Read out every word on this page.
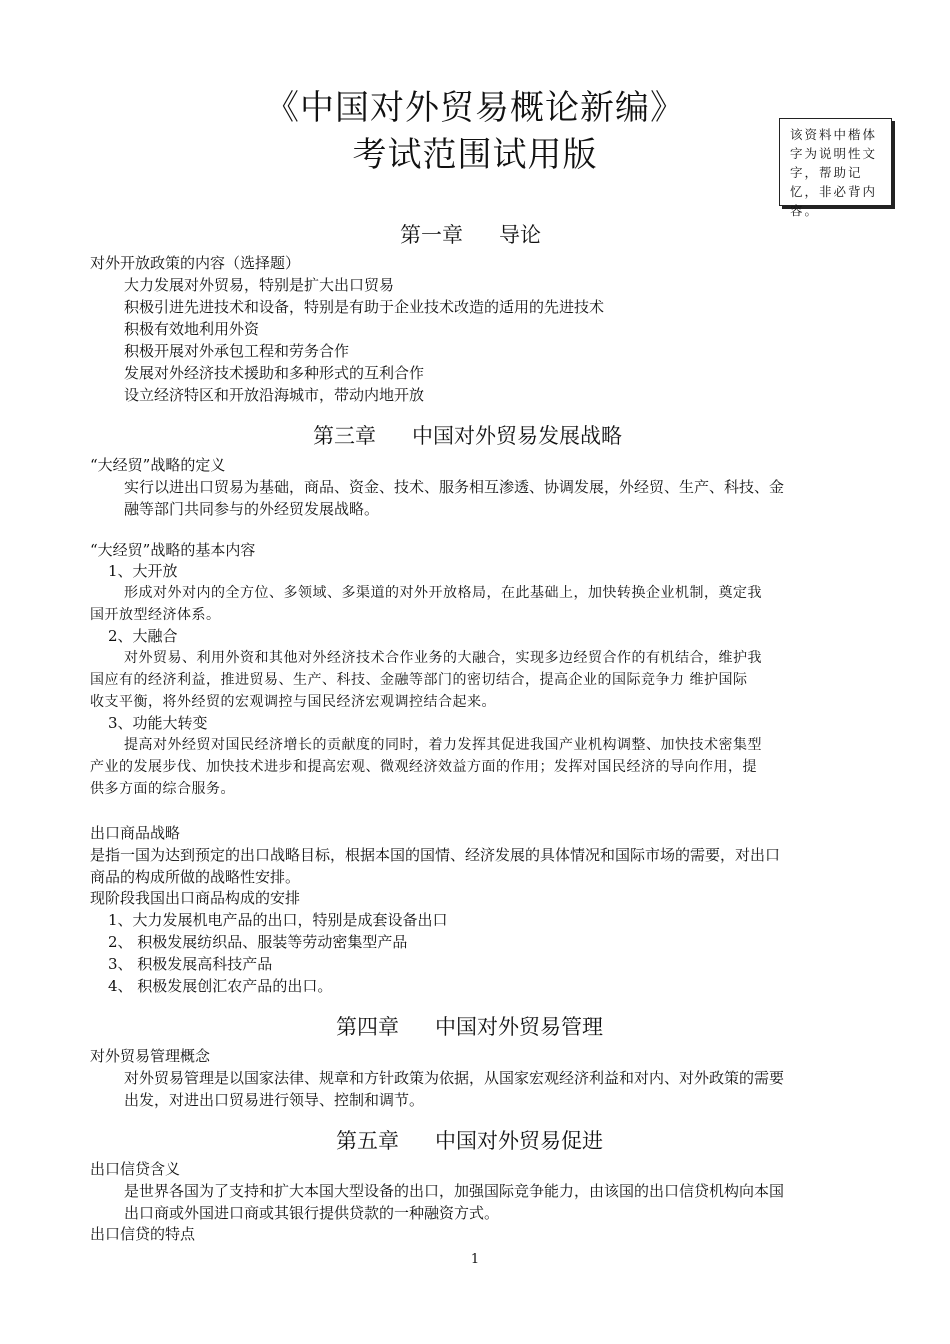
《中国对外贸易概论新编》
考试范围试用版
该资料中楷体字为说明性文字，帮助记忆，非必背内容。
第一章 导论
对外开放政策的内容（选择题）
大力发展对外贸易，特别是扩大出口贸易
积极引进先进技术和设备，特别是有助于企业技术改造的适用的先进技术
积极有效地利用外资
积极开展对外承包工程和劳务合作
发展对外经济技术援助和多种形式的互利合作
设立经济特区和开放沿海城市，带动内地开放
第三章 中国对外贸易发展战略
“大经贸”战略的定义
实行以进出口贸易为基础，商品、资金、技术、服务相互渗透、协调发展，外经贸、生产、科技、金
融等部门共同参与的外经贸发展战略。
“大经贸”战略的基本内容
1、大开放
形成对外对内的全方位、多领域、多渠道的对外开放格局，在此基础上，加快转换企业机制，奠定我
国开放型经济体系。
2、大融合
对外贸易、利用外资和其他对外经济技术合作业务的大融合，实现多边经贸合作的有机结合，维护我
国应有的经济利益，推进贸易、生产、科技、金融等部门的密切结合，提高企业的国际竞争力 维护国际
收支平衡，将外经贸的宏观调控与国民经济宏观调控结合起来。
3、功能大转变
提高对外经贸对国民经济增长的贡献度的同时，着力发挥其促进我国产业机构调整、加快技术密集型
产业的发展步伐、加快技术进步和提高宏观、微观经济效益方面的作用；发挥对国民经济的导向作用，提
供多方面的综合服务。
出口商品战略
是指一国为达到预定的出口战略目标，根据本国的国情、经济发展的具体情况和国际市场的需要，对出口
商品的构成所做的战略性安排。
现阶段我国出口商品构成的安排
1、大力发展机电产品的出口，特别是成套设备出口
2、 积极发展纺织品、服装等劳动密集型产品
3、 积极发展高科技产品
4、 积极发展创汇农产品的出口。
第四章 中国对外贸易管理
对外贸易管理概念
对外贸易管理是以国家法律、规章和方针政策为依据，从国家宏观经济利益和对内、对外政策的需要
出发，对进出口贸易进行领导、控制和调节。
第五章 中国对外贸易促进
出口信贷含义
是世界各国为了支持和扩大本国大型设备的出口，加强国际竞争能力，由该国的出口信贷机构向本国
出口商或外国进口商或其银行提供贷款的一种融资方式。
出口信贷的特点
1
